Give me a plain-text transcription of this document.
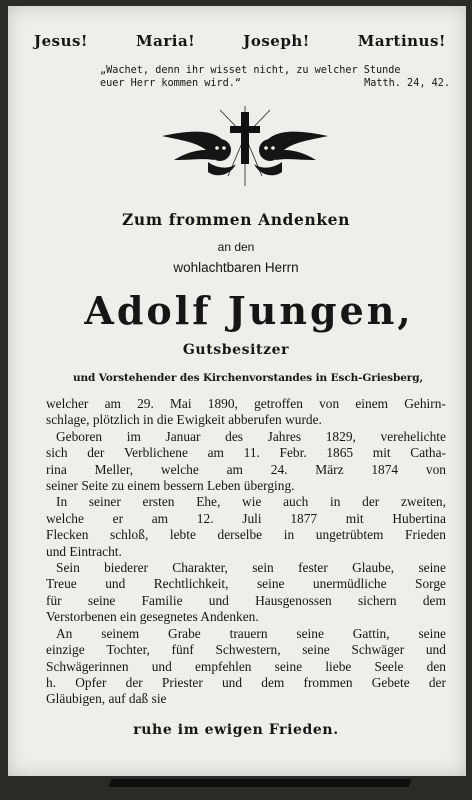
Jesus!	Maria!	Joseph!	Martinus!
„Wachet, denn ihr wisset nicht, zu welcher Stunde
euer Herr kommen wird.“	Matth. 24, 42.
Zum frommen Andenken
an den
wohlachtbaren Herrn
Adolf Jungen,
Gutsbesitzer
und Vorstehender des Kirchenvorstandes in Esch-Griesberg,
welcher am 29. Mai 1890, getroffen von einem Gehirn-
schlage, plötzlich in die Ewigkeit abberufen wurde.
Geboren im Januar des Jahres 1829, verehelichte
sich der Verblichene am 11. Febr. 1865 mit Catha-
rina Meller, welche am 24. März 1874 von
seiner Seite zu einem bessern Leben überging.
In seiner ersten Ehe, wie auch in der zweiten,
welche er am 12. Juli 1877 mit Hubertina
Flecken schloß, lebte derselbe in ungetrübtem Frieden
und Eintracht.
Sein biederer Charakter, sein fester Glaube, seine
Treue und Rechtlichkeit, seine unermüdliche Sorge
für seine Familie und Hausgenossen sichern dem
Verstorbenen ein gesegnetes Andenken.
An seinem Grabe trauern seine Gattin, seine
einzige Tochter, fünf Schwestern, seine Schwäger und
Schwägerinnen und empfehlen seine liebe Seele den
h. Opfer der Priester und dem frommen Gebete der
Gläubigen, auf daß sie
ruhe im ewigen Frieden.
